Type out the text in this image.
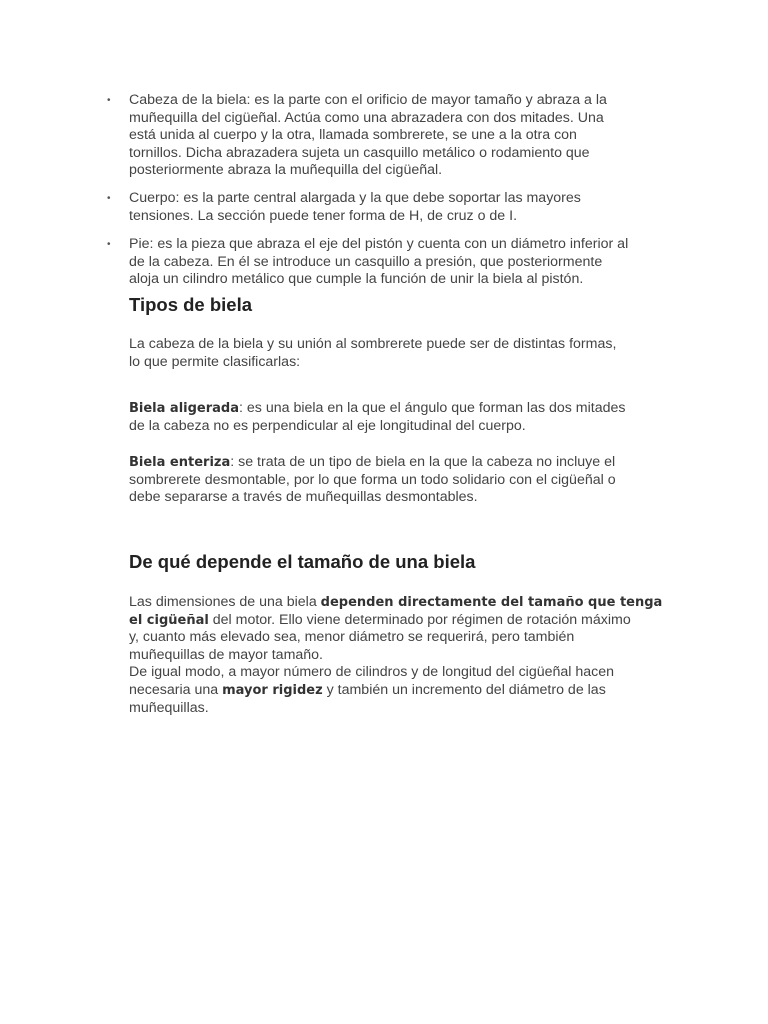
• Cabeza de la biela: es la parte con el orificio de mayor tamaño y abraza a la
muñequilla del cigüeñal. Actúa como una abrazadera con dos mitades. Una
está unida al cuerpo y la otra, llamada sombrerete, se une a la otra con
tornillos. Dicha abrazadera sujeta un casquillo metálico o rodamiento que
posteriormente abraza la muñequilla del cigüeñal.
• Cuerpo: es la parte central alargada y la que debe soportar las mayores
tensiones. La sección puede tener forma de H, de cruz o de I.
• Pie: es la pieza que abraza el eje del pistón y cuenta con un diámetro inferior al
de la cabeza. En él se introduce un casquillo a presión, que posteriormente
aloja un cilindro metálico que cumple la función de unir la biela al pistón.
Tipos de biela

La cabeza de la biela y su unión al sombrerete puede ser de distintas formas,
lo que permite clasificarlas:

Biela aligerada: es una biela en la que el ángulo que forman las dos mitades
de la cabeza no es perpendicular al eje longitudinal del cuerpo.

Biela enteriza: se trata de un tipo de biela en la que la cabeza no incluye el
sombrerete desmontable, por lo que forma un todo solidario con el cigüeñal o
debe separarse a través de muñequillas desmontables.

De qué depende el tamaño de una biela

Las dimensiones de una biela dependen directamente del tamaño que tenga
el cigüeñal del motor. Ello viene determinado por régimen de rotación máximo
y, cuanto más elevado sea, menor diámetro se requerirá, pero también
muñequillas de mayor tamaño.
De igual modo, a mayor número de cilindros y de longitud del cigüeñal hacen
necesaria una mayor rigidez y también un incremento del diámetro de las
muñequillas.
